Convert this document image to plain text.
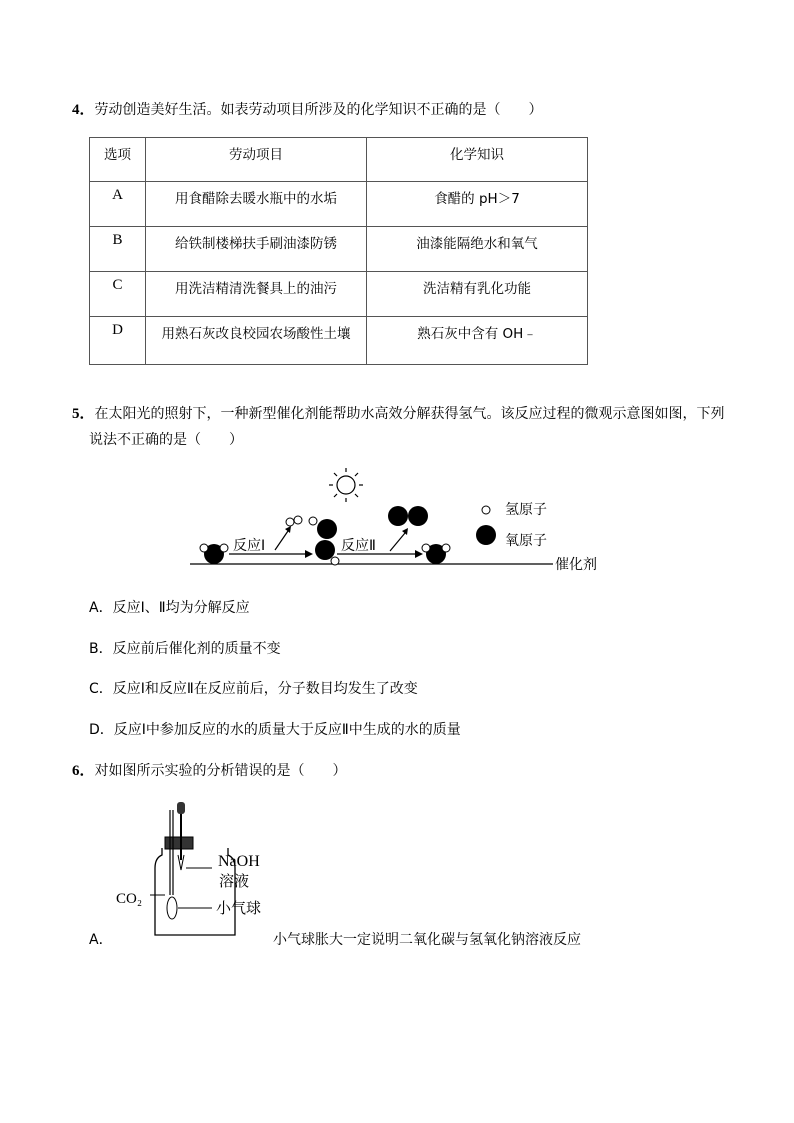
4．劳动创造美好生活。如表劳动项目所涉及的化学知识不正确的是（　　）
选项	劳动项目	化学知识

A	用食醋除去暖水瓶中的水垢	食醋的 pH＞7

B	给铁制楼梯扶手刷油漆防锈	油漆能隔绝水和氧气

C	用洗洁精清洗餐具上的油污	洗洁精有乳化功能

D	用熟石灰改良校园农场酸性土壤	熟石灰中含有 OH﹣
5．在太阳光的照射下，一种新型催化剂能帮助水高效分解获得氢气。该反应过程的微观示意图如图，下列
说法不正确的是（　　）
反应Ⅰ	反应Ⅱ
氢原子
氧原子
催化剂
A．反应Ⅰ、Ⅱ均为分解反应
B．反应前后催化剂的质量不变
C．反应Ⅰ和反应Ⅱ在反应前后，分子数目均发生了改变
D．反应Ⅰ中参加反应的水的质量大于反应Ⅱ中生成的水的质量
6．对如图所示实验的分析错误的是（　　）
NaOH
溶液
小气球
CO₂
A．	小气球胀大一定说明二氧化碳与氢氧化钠溶液反应
